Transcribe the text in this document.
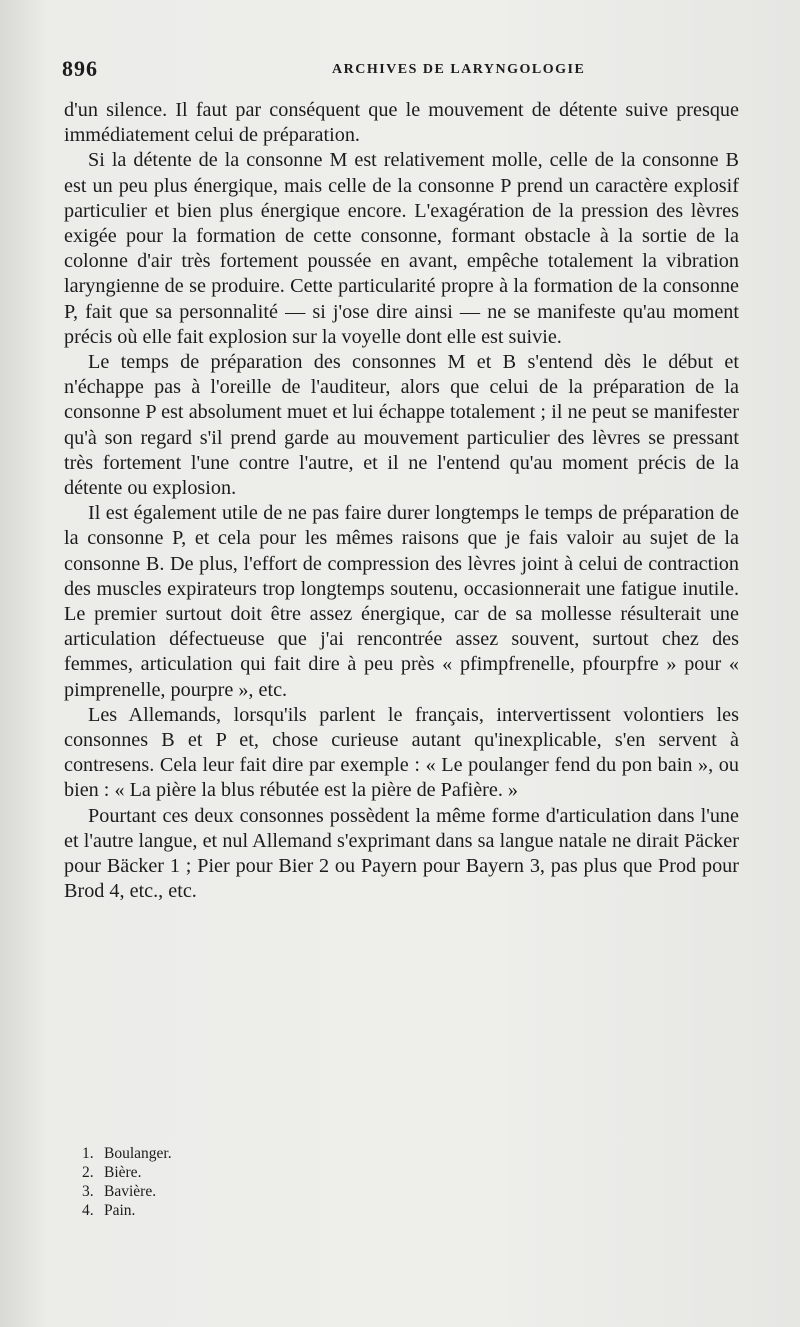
896	ARCHIVES DE LARYNGOLOGIE

d'un silence. Il faut par conséquent que le mouvement de détente suive presque immédiatement celui de préparation.

Si la détente de la consonne M est relativement molle, celle de la consonne B est un peu plus énergique, mais celle de la consonne P prend un caractère explosif particulier et bien plus énergique encore. L'exagération de la pression des lèvres exigée pour la formation de cette consonne, formant obstacle à la sortie de la colonne d'air très fortement poussée en avant, empêche totalement la vibration laryngienne de se produire. Cette particularité propre à la formation de la consonne P, fait que sa personnalité — si j'ose dire ainsi — ne se manifeste qu'au moment précis où elle fait explosion sur la voyelle dont elle est suivie.

Le temps de préparation des consonnes M et B s'entend dès le début et n'échappe pas à l'oreille de l'auditeur, alors que celui de la préparation de la consonne P est absolument muet et lui échappe totalement ; il ne peut se manifester qu'à son regard s'il prend garde au mouvement particulier des lèvres se pressant très fortement l'une contre l'autre, et il ne l'entend qu'au moment précis de la détente ou explosion.

Il est également utile de ne pas faire durer longtemps le temps de préparation de la consonne P, et cela pour les mêmes raisons que je fais valoir au sujet de la consonne B. De plus, l'effort de compression des lèvres joint à celui de contraction des muscles expirateurs trop longtemps soutenu, occasionnerait une fatigue inutile. Le premier surtout doit être assez énergique, car de sa mollesse résulterait une articulation défectueuse que j'ai rencontrée assez souvent, surtout chez des femmes, articulation qui fait dire à peu près « pfimpfrenelle, pfourpfre » pour « pimprenelle, pourpre », etc.

Les Allemands, lorsqu'ils parlent le français, intervertissent volontiers les consonnes B et P et, chose curieuse autant qu'inexplicable, s'en servent à contresens. Cela leur fait dire par exemple : « Le poulanger fend du pon bain », ou bien : « La pière la blus rébutée est la pière de Pafière. »

Pourtant ces deux consonnes possèdent la même forme d'articulation dans l'une et l'autre langue, et nul Allemand s'exprimant dans sa langue natale ne dirait Päcker pour Bäcker 1 ; Pier pour Bier 2 ou Payern pour Bayern 3, pas plus que Prod pour Brod 4, etc., etc.

1. Boulanger.

2. Bière.

3. Bavière.

4. Pain.
